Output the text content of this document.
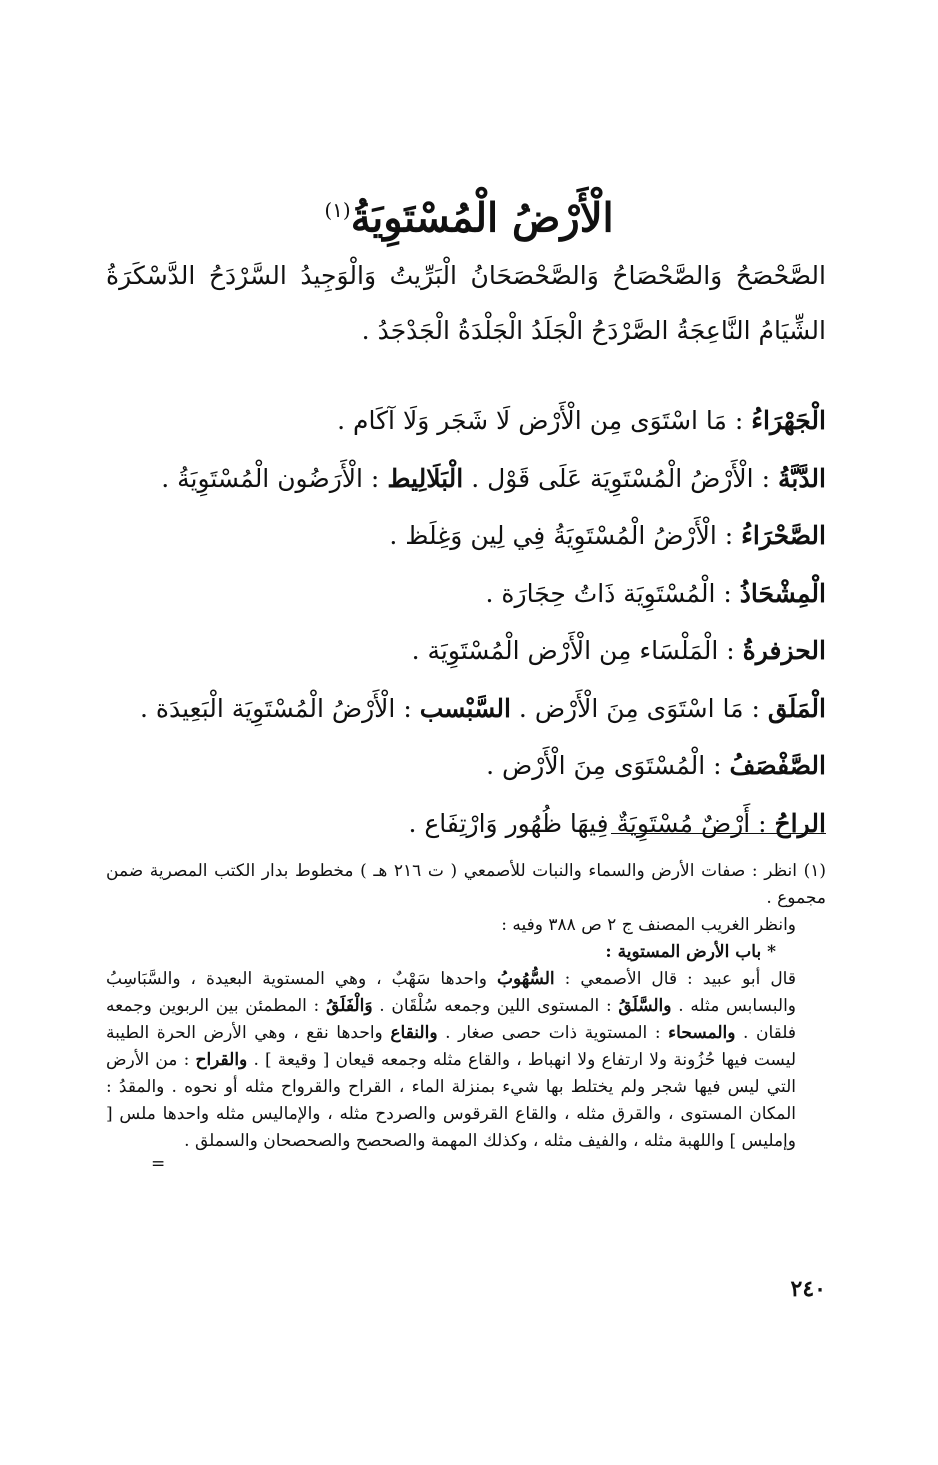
الْأَرْضُ الْمُسْتَوِيَةُ$^{(١)}$
الصَّحْصَحُ وَالصَّحْصَاحُ وَالصَّحْصَحَانُ الْبَرِّيتُ وَالْوَجِيدُ السَّرْدَحُ الدَّسْكَرَةُ الشِّيَامُ النَّاعِجَةُ الصَّرْدَحُ الْجَلَدُ الْجَلْدَةُ الْجَدْجَدُ .
الْجَهْرَاءُ : مَا اسْتَوَى مِن الْأَرْض لَا شَجَر وَلَا آكَام .
الدَّبَّةُ : الْأَرْضُ الْمُسْتَوِيَة عَلَى قَوْل . الْبَلَالِيط : الْأَرَضُون الْمُسْتَوِيَةُ .
الصَّحْرَاءُ : الْأَرْضُ الْمُسْتَوِيَةُ فِي لِين وَغِلَظ .
الْمِشْحَاذُ : الْمُسْتَوِيَة ذَاتُ حِجَارَة .
الحزفرةُ : الْمَلْسَاء مِن الْأَرْض الْمُسْتَوِيَة .
الْمَلَق : مَا اسْتَوَى مِنَ الْأَرْض . السَّبْسب : الْأَرْضُ الْمُسْتَوِيَة الْبَعِيدَة .
الصَّفْصَفُ : الْمُسْتَوَى مِنَ الْأَرْض .
الراحُ : أَرْضٌ مُسْتَوِيَةٌ فِيهَا ظُهُور وَارْتِفَاع .

(١) انظر : صفات الأرض والسماء والنبات للأصمعي ( ت ٢١٦ هـ ) مخطوط بدار الكتب المصرية ضمن مجموع .

وانظر الغريب المصنف ج ٢ ص ٣٨٨ وفيه :

* باب الأرض المستوية :

قال أبو عبيد : قال الأصمعي : السُّهُوبُ واحدها سَهْبٌ ، وهي المستوية البعيدة ، والسَّبَاسِبُ والبسابس مثله . والسَّلَقُ : المستوى اللين وجمعه سُلْقَان . وَالْفَلَقُ : المطمئن بين الربوين وجمعه فلقان . والمسحاء : المستوية ذات حصى صغار . والنقاع واحدها نقع ، وهي الأرض الحرة الطيبة ليست فيها حُزُونة ولا ارتفاع ولا انهباط ، والقاع مثله وجمعه قيعان [ وقيعة ] . والقراح : من الأرض التي ليس فيها شجر ولم يختلط بها شيء بمنزلة الماء ، القراح والقرواح مثله أو نحوه . والمقدُ : المكان المستوى ، والقرق مثله ، والقاع القرقوس والصردح مثله ، والإماليس مثله واحدها ملس [ وإمليس ] واللهبة مثله ، والفيف مثله ، وكذلك المهمة والصحصح والصحصحان والسملق .

=
٢٤٠
